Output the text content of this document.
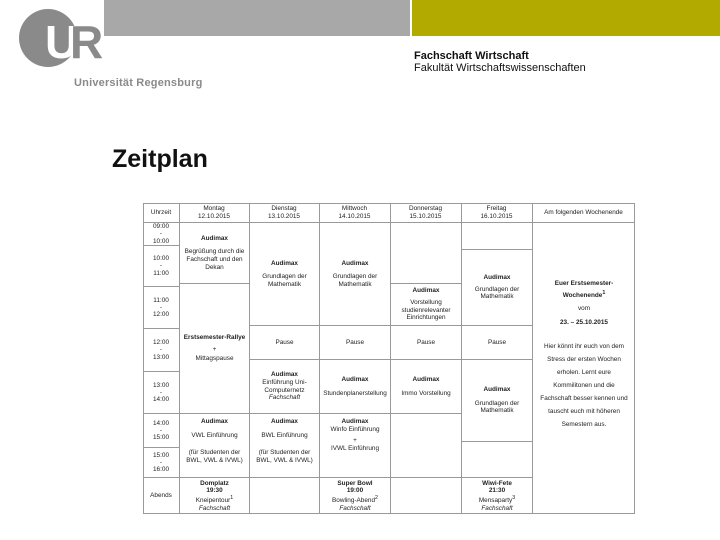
U
R
Universität Regensburg
Fachschaft Wirtschaft
Fakultät Wirtschaftswissenschaften
Zeitplan
Uhrzeit
Montag
12.10.2015
Dienstag
13.10.2015
Mittwoch
14.10.2015
Donnerstag
15.10.2015
Freitag
16.10.2015
Am folgenden Wochenende
09:00
-
10:00
10:00
-
11:00
11:00
-
12:00
12:00
-
13:00
13:00
-
14:00
14:00
-
15:00
15:00
-
16:00
Abends
Audimax
Begrüßung durch die Fachschaft und den Dekan
Erstsemester-Rallye
+
Mittagspause
Audimax
VWL Einführung
(für Studenten der BWL, VWL & IVWL)
Domplatz
19:30
Kneipentour$^1$
Fachschaft
Audimax
Grundlagen der Mathematik
Pause
Audimax
Einführung Uni-Computernetz
Fachschaft
Audimax
BWL Einführung
(für Studenten der BWL, VWL & IVWL)
Audimax
Grundlagen der Mathematik
Pause
Audimax
Stundenplanerstellung
Audimax
Winfo Einführung
+
IVWL Einführung
Super Bowl
19:00
Bowling-Abend$^2$
Fachschaft
Audimax
Vorstellung studienrelevanter Einrichtungen
Pause
Audimax
Immo Vorstellung
Audimax
Grundlagen der Mathematik
Pause
Audimax
Grundlagen der Mathematik
Wiwi-Fete
21:30
Mensaparty$^3$
Fachschaft
Euer Erstsemester-Wochenende$^1$
vom
23. – 25.10.2015
Hier könnt ihr euch von dem Stress der ersten Wochen erholen. Lernt eure Kommilitonen und die Fachschaft besser kennen und tauscht euch mit höheren Semestern aus.
